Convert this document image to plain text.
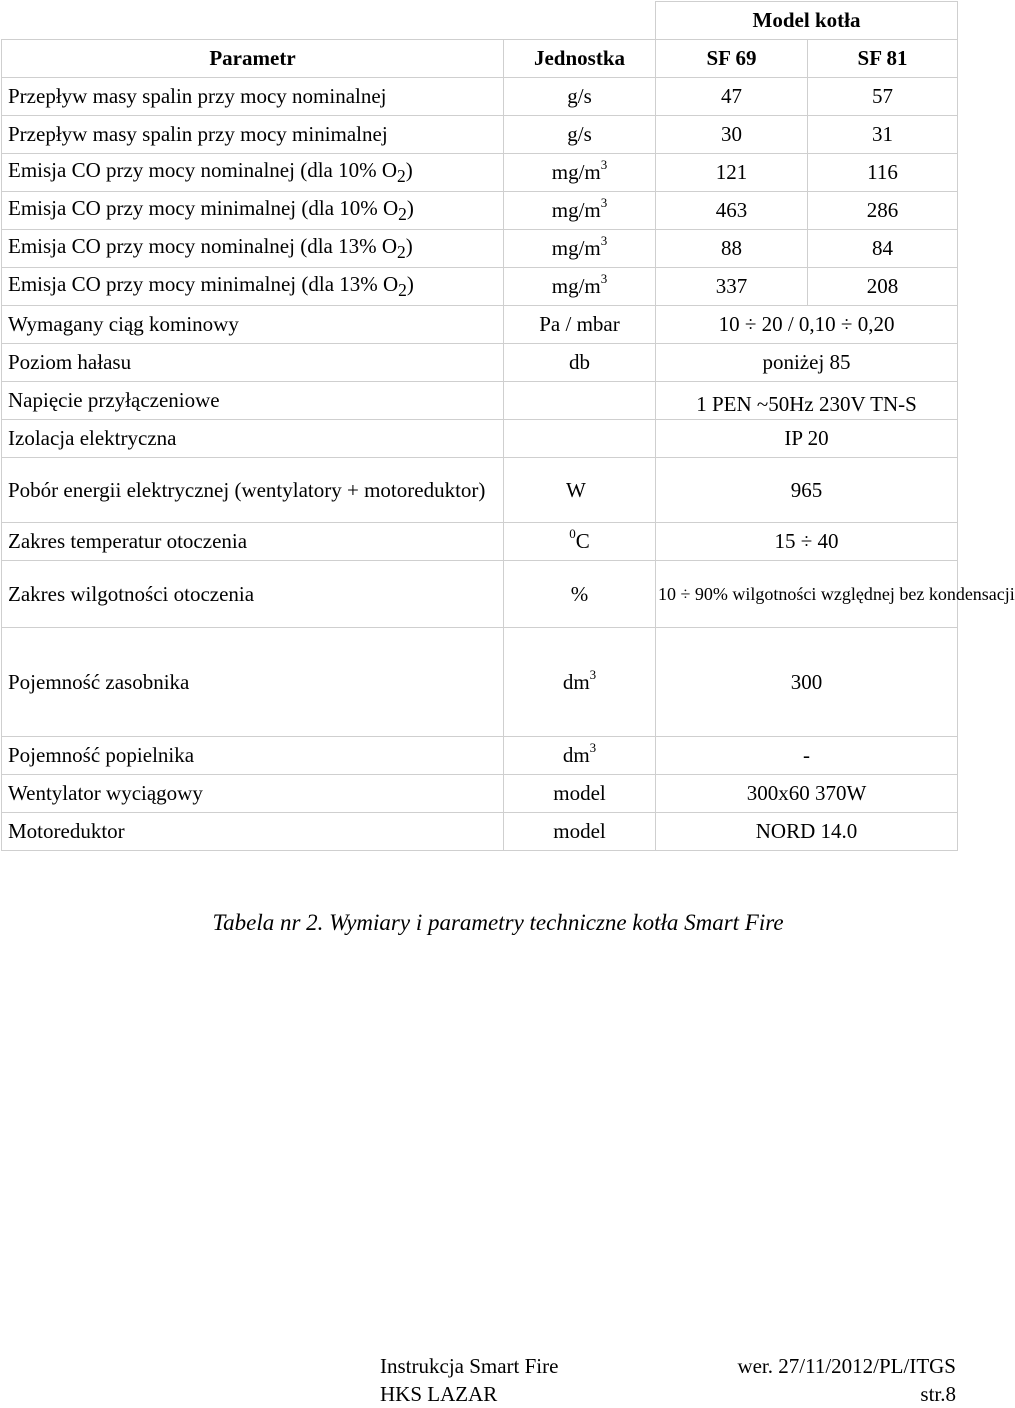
		Model kotła	
Parametr	Jednostka	SF 69	SF 81
Przepływ masy spalin przy mocy nominalnej	g/s	47	57
Przepływ masy spalin przy mocy minimalnej	g/s	30	31
Emisja CO przy mocy nominalnej (dla 10% $O_2$)	$mg/m^3$	121	116
Emisja CO przy mocy minimalnej (dla 10% $O_2$)	$mg/m^3$	463	286
Emisja CO przy mocy nominalnej (dla 13% $O_2$)	$mg/m^3$	88	84
Emisja CO przy mocy minimalnej (dla 13% $O_2$)	$mg/m^3$	337	208
Wymagany ciąg kominowy	Pa / mbar	10 ÷ 20 / 0,10 ÷ 0,20	
Poziom hałasu	db	poniżej 85	
Napięcie przyłączeniowe		1 PEN ~50Hz 230V TN-S	
Izolacja elektryczna		IP 20	
Pobór energii elektrycznej (wentylatory + motoreduktor)	W	965	
Zakres temperatur otoczenia	$^0$C	15 ÷ 40	
Zakres wilgotności otoczenia	%	10 ÷ 90% wilgotności względnej bez kondensacji	
Pojemność zasobnika	$dm^3$	300	
Pojemność popielnika	$dm^3$	-	
Wentylator wyciągowy	model	300x60 370W	
Motoreduktor	model	NORD 14.0	
Tabela nr 2. Wymiary i parametry techniczne kotła Smart Fire
Instrukcja Smart Fire
HKS LAZAR
wer. 27/11/2012/PL/ITGS
str.8
